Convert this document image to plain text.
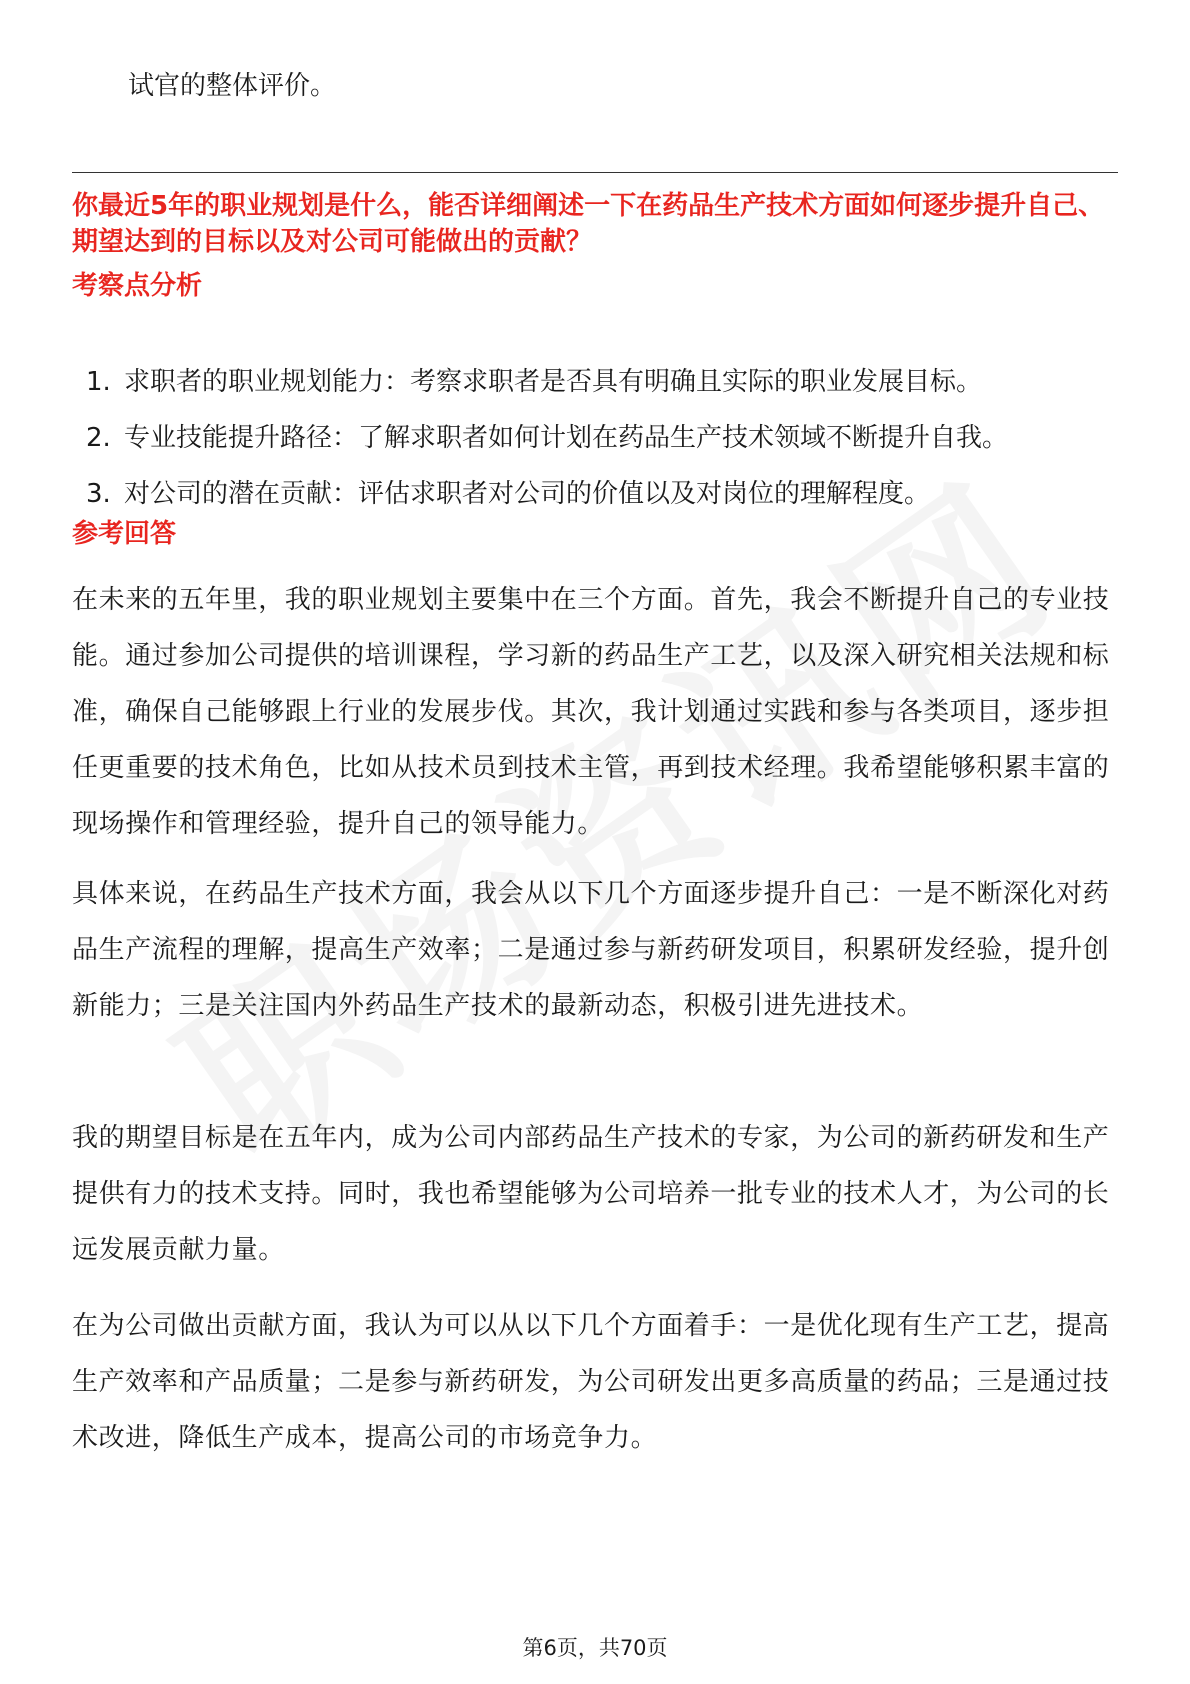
试官的整体评价。

你最近5年的职业规划是什么，能否详细阐述一下在药品生产技术方面如何逐步提升自己、期望达到的目标以及对公司可能做出的贡献？

考察点分析
1. 求职者的职业规划能力：考察求职者是否具有明确且实际的职业发展目标。
2. 专业技能提升路径：了解求职者如何计划在药品生产技术领域不断提升自我。
3. 对公司的潜在贡献：评估求职者对公司的价值以及对岗位的理解程度。
参考回答

在未来的五年里，我的职业规划主要集中在三个方面。首先，我会不断提升自己的专业技能。通过参加公司提供的培训课程，学习新的药品生产工艺，以及深入研究相关法规和标准，确保自己能够跟上行业的发展步伐。其次，我计划通过实践和参与各类项目，逐步担任更重要的技术角色，比如从技术员到技术主管，再到技术经理。我希望能够积累丰富的现场操作和管理经验，提升自己的领导能力。

具体来说，在药品生产技术方面，我会从以下几个方面逐步提升自己：一是不断深化对药品生产流程的理解，提高生产效率；二是通过参与新药研发项目，积累研发经验，提升创新能力；三是关注国内外药品生产技术的最新动态，积极引进先进技术。

我的期望目标是在五年内，成为公司内部药品生产技术的专家，为公司的新药研发和生产提供有力的技术支持。同时，我也希望能够为公司培养一批专业的技术人才，为公司的长远发展贡献力量。

在为公司做出贡献方面，我认为可以从以下几个方面着手：一是优化现有生产工艺，提高生产效率和产品质量；二是参与新药研发，为公司研发出更多高质量的药品；三是通过技术改进，降低生产成本，提高公司的市场竞争力。

第6页，共70页
